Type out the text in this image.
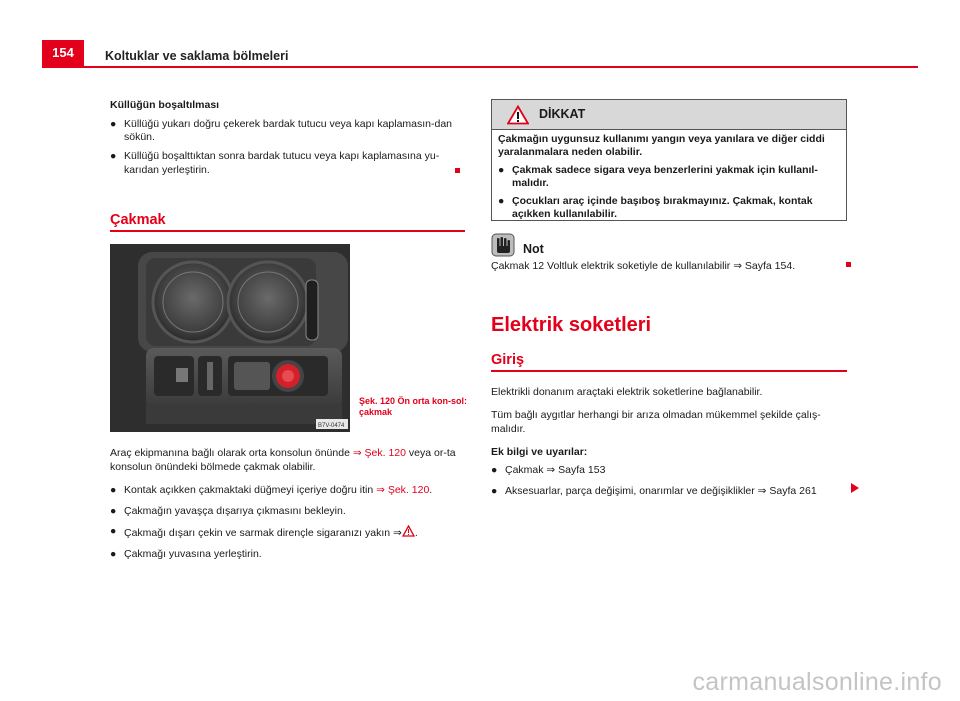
154	Koltuklar ve saklama bölmeleri

Küllüğün boşaltılması

● Küllüğü yukarı doğru çekerek bardak tutucu veya kapı kaplamasın-dan sökün.
● Küllüğü boşalttıktan sonra bardak tutucu veya kapı kaplamasına yu-karıdan yerleştirin.
Çakmak
B7V-0474
Şek. 120 Ön orta kon-sol: çakmak

Araç ekipmanına bağlı olarak orta konsolun önünde ⇒ Şek. 120 veya or-ta konsolun önündeki bölmede çakmak olabilir.

● Kontak açıkken çakmaktaki düğmeyi içeriye doğru itin ⇒ Şek. 120.
● Çakmağın yavaşça dışarıya çıkmasını bekleyin.
● Çakmağı dışarı çekin ve sarmak dirençle sigaranızı yakın ⇒ .
● Çakmağı yuvasına yerleştirin.
DİKKAT

Çakmağın uygunsuz kullanımı yangın veya yanılara ve diğer ciddi yaralanmalara neden olabilir.

● Çakmak sadece sigara veya benzerlerini yakmak için kullanıl-malıdır.
● Çocukları araç içinde başıboş bırakmayınız. Çakmak, kontak açıkken kullanılabilir.
Not

Çakmak 12 Voltluk elektrik soketiyle de kullanılabilir ⇒ Sayfa 154.

Elektrik soketleri
Giriş

Elektrikli donanım araçtaki elektrik soketlerine bağlanabilir.

Tüm bağlı aygıtlar herhangi bir arıza olmadan mükemmel şekilde çalış-malıdır.

Ek bilgi ve uyarılar:

● Çakmak ⇒ Sayfa 153
● Aksesuarlar, parça değişimi, onarımlar ve değişiklikler ⇒ Sayfa 261
carmanualsonline.info
